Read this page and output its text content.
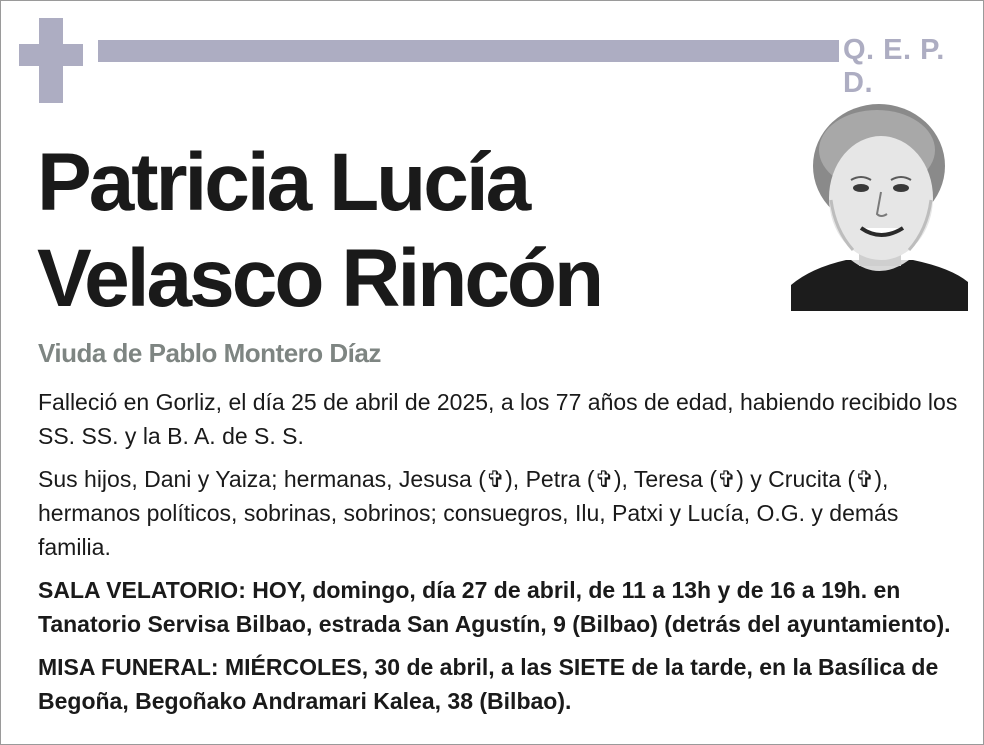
Q. E. P. D.
Patricia Lucía
Velasco Rincón
Viuda de Pablo Montero Díaz

Falleció en Gorliz, el día 25 de abril de 2025, a los 77 años de edad, habiendo recibido los SS. SS. y la B. A. de S. S.

Sus hijos, Dani y Yaiza; hermanas, Jesusa (✞), Petra (✞), Teresa (✞) y Crucita (✞), hermanos políticos, sobrinas, sobrinos; consuegros, Ilu, Patxi y Lucía, O.G. y demás familia.

SALA VELATORIO: HOY, domingo, día 27 de abril, de 11 a 13h y de 16 a 19h. en Tanatorio Servisa Bilbao, estrada San Agustín, 9 (Bilbao) (detrás del ayuntamiento).

MISA FUNERAL: MIÉRCOLES, 30 de abril, a las SIETE de la tarde, en la Basílica de Begoña, Begoñako Andramari Kalea, 38 (Bilbao).
